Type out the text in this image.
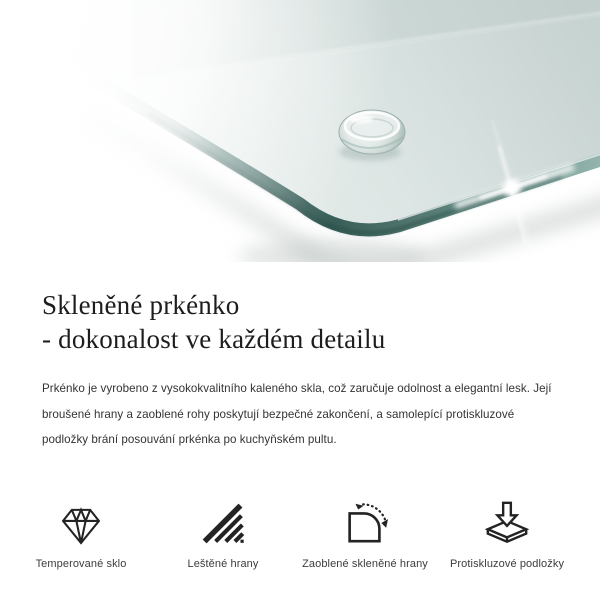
Skleněné prkénko
- dokonalost ve každém detailu

Prkénko je vyrobeno z vysokokvalitního kaleného skla, což zaručuje odolnost a elegantní lesk. Její broušené hrany a zaoblené rohy poskytují bezpečné zakončení, a samolepící protiskluzové podložky brání posouvání prkénka po kuchyňském pultu.

Temperované sklo	Leštěné hrany	Zaoblené skleněné hrany Protiskluzové podložky
